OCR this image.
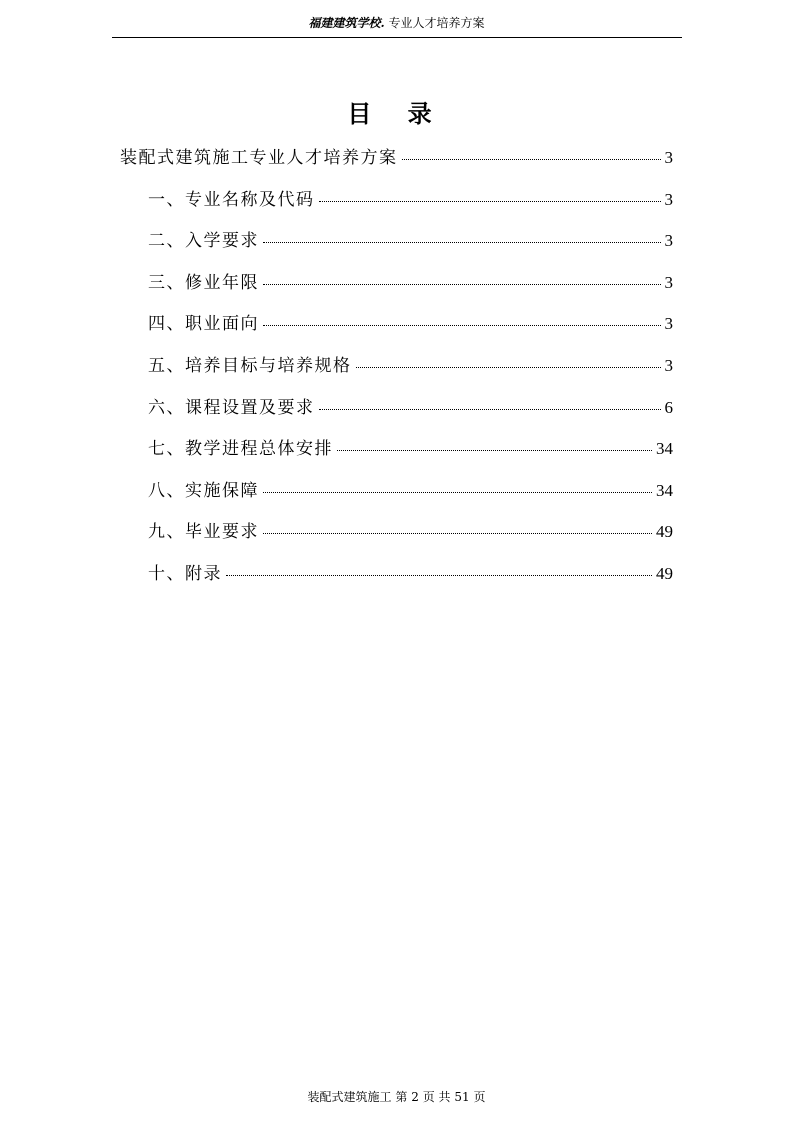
福建建筑学校. 专业人才培养方案
目 录
装配式建筑施工专业人才培养方案	3
一、专业名称及代码	3
二、入学要求	3
三、修业年限	3
四、职业面向	3
五、培养目标与培养规格	3
六、课程设置及要求	6
七、教学进程总体安排	34
八、实施保障	34
九、毕业要求	49
十、附录	49
装配式建筑施工 第 2 页 共 51 页
